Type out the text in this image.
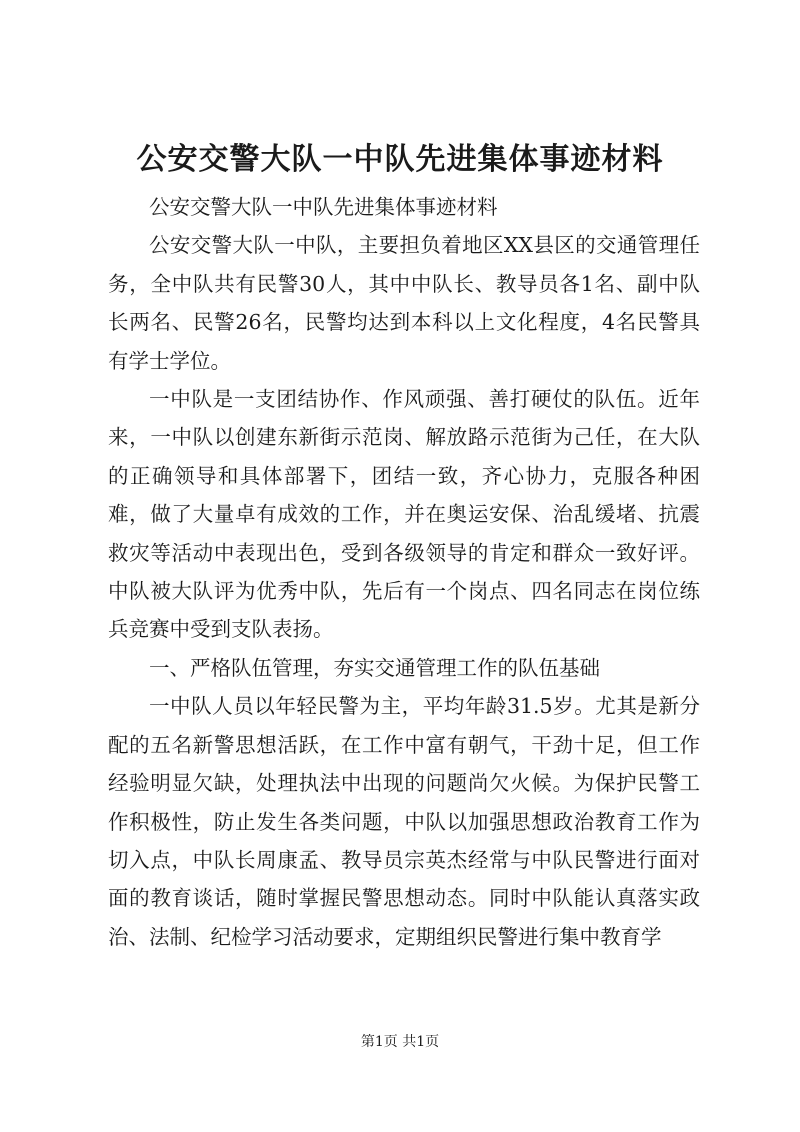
公安交警大队一中队先进集体事迹材料

公安交警大队一中队先进集体事迹材料

公安交警大队一中队，主要担负着地区XX县区的交通管理任务，全中队共有民警30人，其中中队长、教导员各1名、副中队长两名、民警26名，民警均达到本科以上文化程度，4名民警具有学士学位。

一中队是一支团结协作、作风顽强、善打硬仗的队伍。近年来，一中队以创建东新街示范岗、解放路示范街为己任，在大队的正确领导和具体部署下，团结一致，齐心协力，克服各种困难，做了大量卓有成效的工作，并在奥运安保、治乱缓堵、抗震救灾等活动中表现出色，受到各级领导的肯定和群众一致好评。中队被大队评为优秀中队，先后有一个岗点、四名同志在岗位练兵竞赛中受到支队表扬。

一、严格队伍管理，夯实交通管理工作的队伍基础

一中队人员以年轻民警为主，平均年龄31.5岁。尤其是新分配的五名新警思想活跃，在工作中富有朝气，干劲十足，但工作经验明显欠缺，处理执法中出现的问题尚欠火候。为保护民警工作积极性，防止发生各类问题，中队以加强思想政治教育工作为切入点，中队长周康孟、教导员宗英杰经常与中队民警进行面对面的教育谈话，随时掌握民警思想动态。同时中队能认真落实政治、法制、纪检学习活动要求，定期组织民警进行集中教育学

第1页 共1页
